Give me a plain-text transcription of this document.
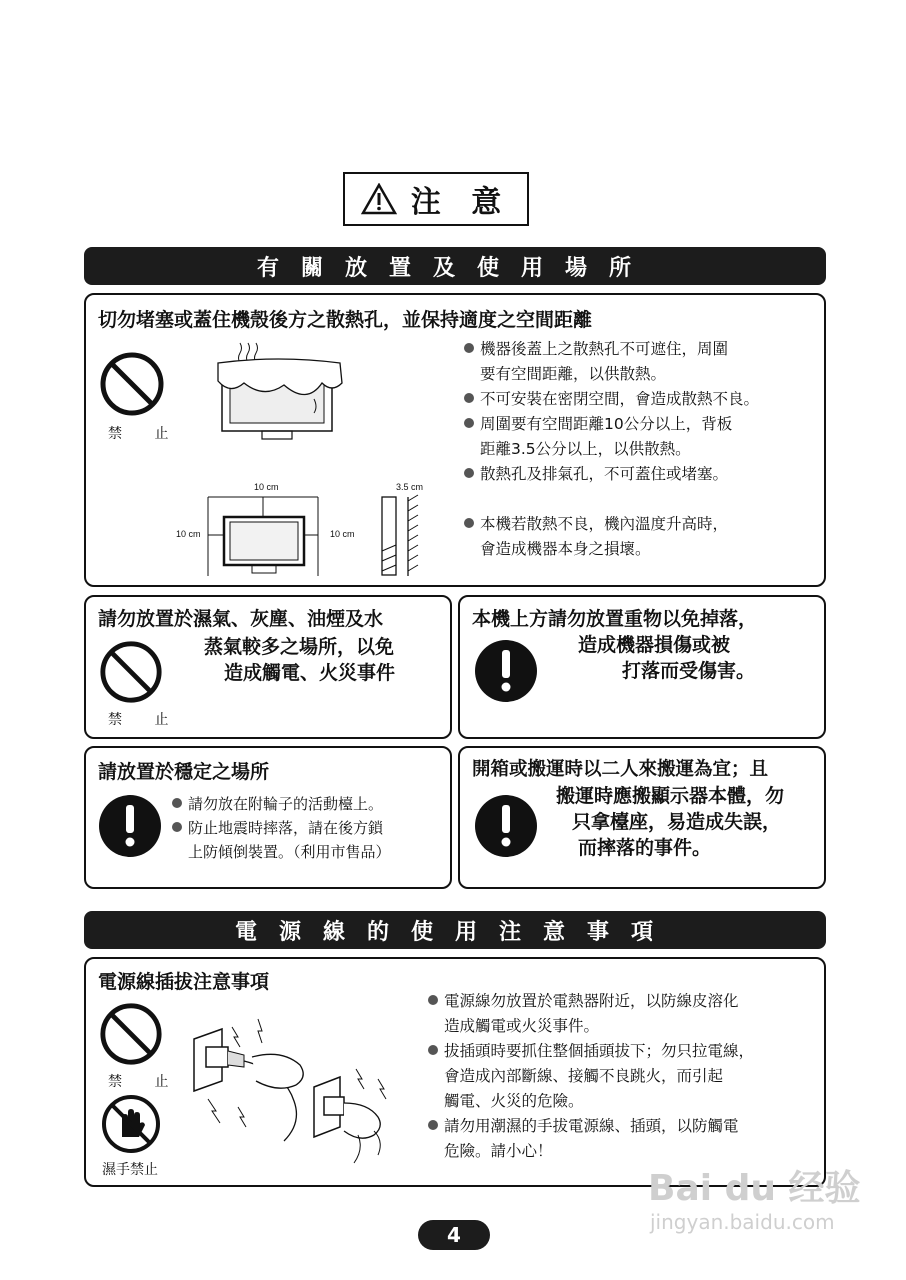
注 意
有關放置及使用場所
切勿堵塞或蓋住機殼後方之散熱孔，並保持適度之空間距離
禁 止
10 cm
10 cm	10 cm
3.5 cm
機器後蓋上之散熱孔不可遮住，周圍
要有空間距離，以供散熱。
不可安裝在密閉空間，會造成散熱不良。
周圍要有空間距離10公分以上，背板
距離3.5公分以上，以供散熱。
散熱孔及排氣孔，不可蓋住或堵塞。
本機若散熱不良，機內溫度升高時，
會造成機器本身之損壞。
請勿放置於濕氣、灰塵、油煙及水
蒸氣較多之場所，以免
造成觸電、火災事件
禁 止
本機上方請勿放置重物以免掉落，
造成機器損傷或被
打落而受傷害。
請放置於穩定之場所
請勿放在附輪子的活動檯上。
防止地震時摔落，請在後方鎖
上防傾倒裝置。（利用市售品）
開箱或搬運時以二人來搬運為宜；且
搬運時應搬顯示器本體，勿
只拿檯座，易造成失誤，
而摔落的事件。
電源線的使用注意事項
電源線插拔注意事項
禁 止
濕手禁止
電源線勿放置於電熱器附近，以防線皮溶化
造成觸電或火災事件。
拔插頭時要抓住整個插頭拔下；勿只拉電線，
會造成內部斷線、接觸不良跳火，而引起
觸電、火災的危險。
請勿用潮濕的手拔電源線、插頭，以防觸電
危險。請小心！
4
Bai du 经验
jingyan.baidu.com
